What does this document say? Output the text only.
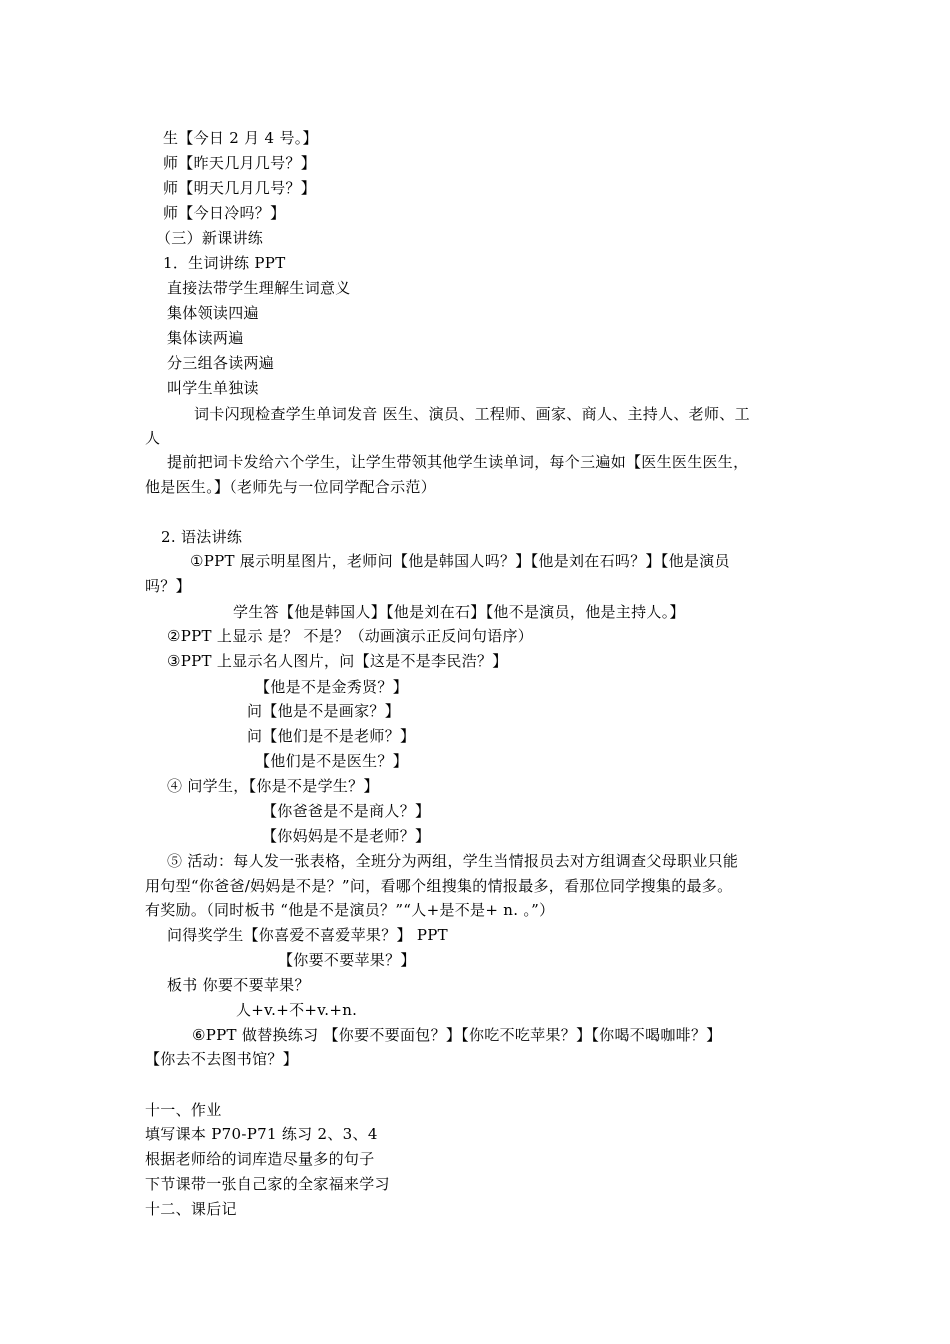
生【今日 2 月 4 号。】
师【昨天几月几号？】
师【明天几月几号？】
师【今日冷吗？】
（三）新课讲练
1．生词讲练 PPT
直接法带学生理解生词意义
集体领读四遍
集体读两遍
分三组各读两遍
叫学生单独读
词卡闪现检查学生单词发音 医生、演员、工程师、画家、商人、主持人、老师、工
人
提前把词卡发给六个学生，让学生带领其他学生读单词，每个三遍如【医生医生医生，
他是医生。】（老师先与一位同学配合示范）
2. 语法讲练
①PPT 展示明星图片，老师问【他是韩国人吗？】【他是刘在石吗？】【他是演员
吗？】
学生答【他是韩国人】【他是刘在石】【他不是演员，他是主持人。】
②PPT 上显示 是？ 不是？（动画演示正反问句语序）
③PPT 上显示名人图片，问【这是不是李民浩？】
【他是不是金秀贤？】
问【他是不是画家？】
问【他们是不是老师？】
【他们是不是医生？】
④ 问学生，【你是不是学生？】
【你爸爸是不是商人？】
【你妈妈是不是老师？】
⑤ 活动：每人发一张表格，全班分为两组，学生当情报员去对方组调查父母职业只能
用句型“你爸爸/妈妈是不是？”问，看哪个组搜集的情报最多，看那位同学搜集的最多。
有奖励。（同时板书 “他是不是演员？”“人+是不是+ n. 。”）
问得奖学生【你喜爱不喜爱苹果？】 PPT
【你要不要苹果？】
板书 你要不要苹果？
人+v.+不+v.+n.
⑥PPT 做替换练习 【你要不要面包？】【你吃不吃苹果？】【你喝不喝咖啡？】
【你去不去图书馆？】
十一、作业
填写课本 P70-P71 练习 2、3、4
根据老师给的词库造尽量多的句子
下节课带一张自己家的全家福来学习
十二、课后记
